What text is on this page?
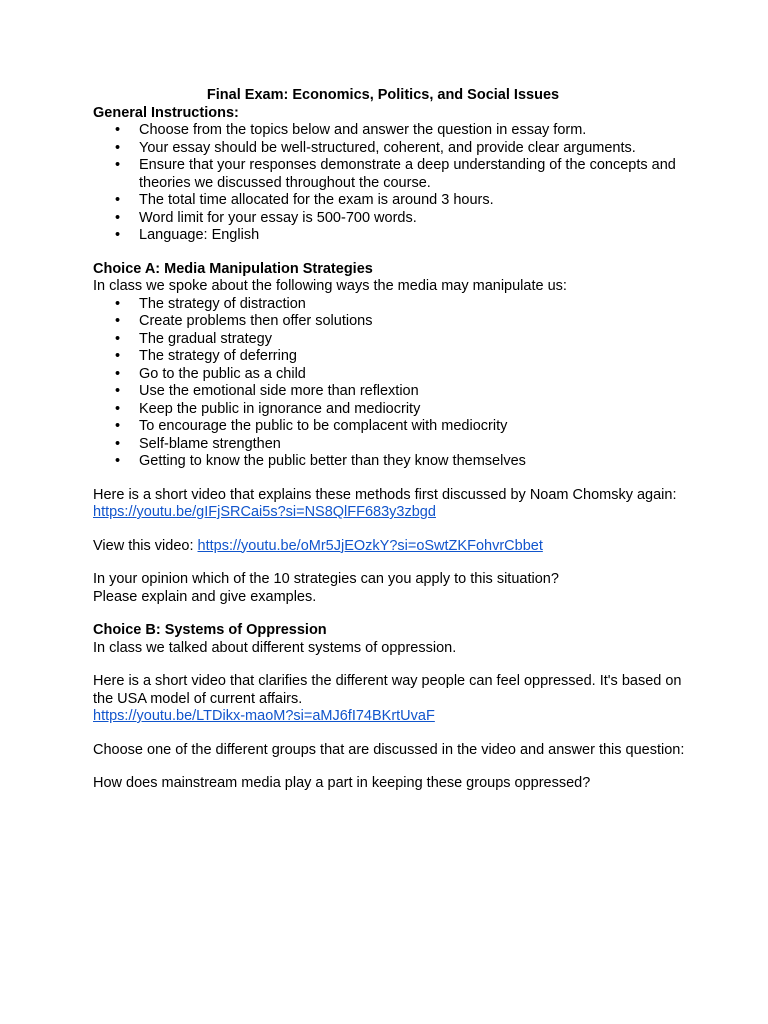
Final Exam: Economics, Politics, and Social Issues

General Instructions:

• Choose from the topics below and answer the question in essay form.
• Your essay should be well-structured, coherent, and provide clear arguments.
• Ensure that your responses demonstrate a deep understanding of the concepts and theories we discussed throughout the course.
• The total time allocated for the exam is around 3 hours.
• Word limit for your essay is 500-700 words.
• Language: English

Choice A: Media Manipulation Strategies

In class we spoke about the following ways the media may manipulate us:

• The strategy of distraction
• Create problems then offer solutions
• The gradual strategy
• The strategy of deferring
• Go to the public as a child
• Use the emotional side more than reflextion
• Keep the public in ignorance and mediocrity
• To encourage the public to be complacent with mediocrity
• Self-blame strengthen
• Getting to know the public better than they know themselves

Here is a short video that explains these methods first discussed by Noam Chomsky again:

https://youtu.be/gIFjSRCai5s?si=NS8QlFF683y3zbgd

View this video: https://youtu.be/oMr5JjEOzkY?si=oSwtZKFohvrCbbet

In your opinion which of the 10 strategies can you apply to this situation?

Please explain and give examples.

Choice B: Systems of Oppression

In class we talked about different systems of oppression.

Here is a short video that clarifies the different way people can feel oppressed. It's based on the USA model of current affairs.

https://youtu.be/LTDikx-maoM?si=aMJ6fI74BKrtUvaF

Choose one of the different groups that are discussed in the video and answer this question:

How does mainstream media play a part in keeping these groups oppressed?
